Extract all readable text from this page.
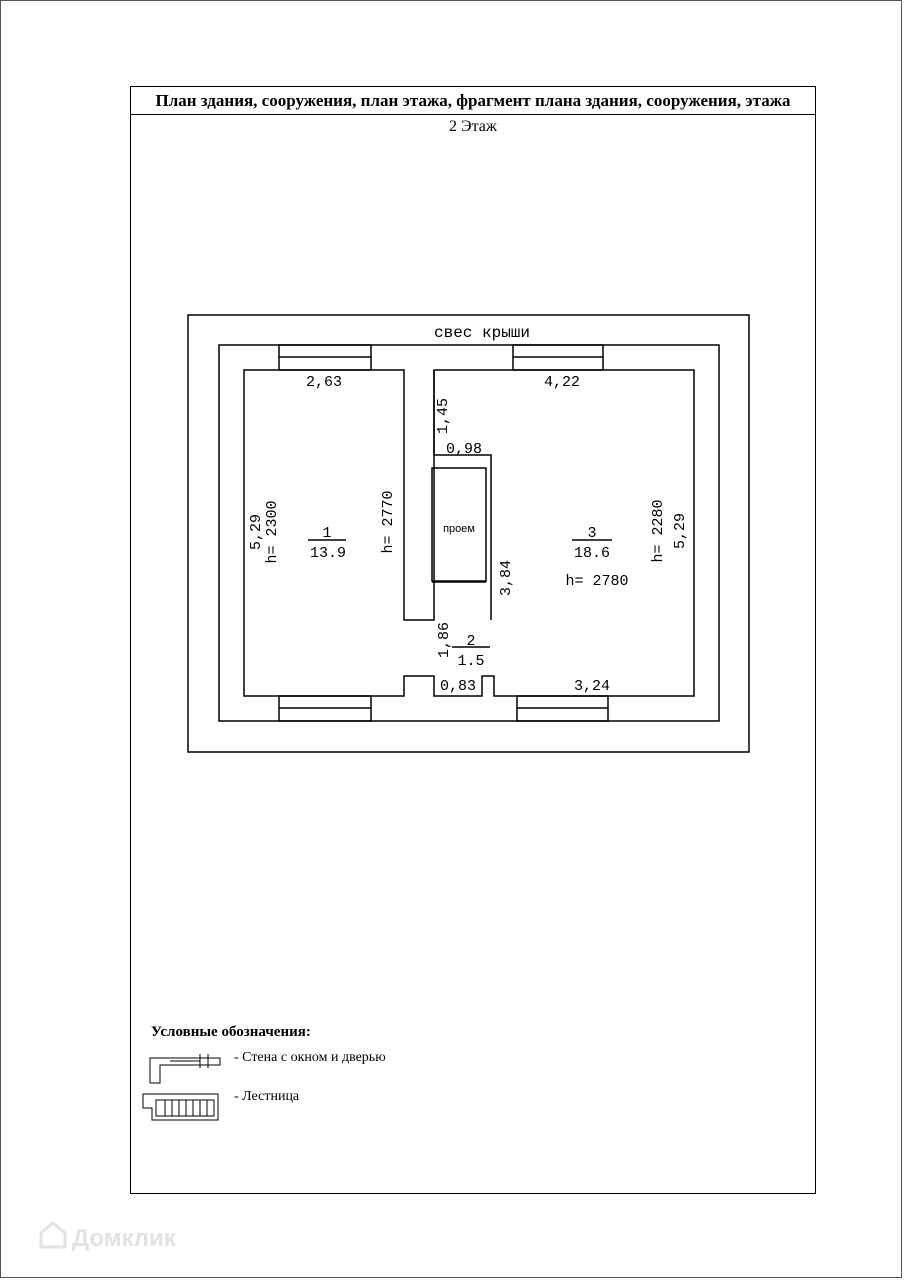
План здания, сооружения, план этажа, фрагмент плана здания, сооружения, этажа
2 Этаж
свес крыши
2,63	4,22
0,98
1
13.9
3
18.6
h= 2780
2
1.5
0,83	3,24
1,45
5,29 h= 2300	h= 2770
3,84
1,86
h= 2280 5,29
проем
Условные обозначения:
- Стена с окном и дверью
- Лестница
Домклик
